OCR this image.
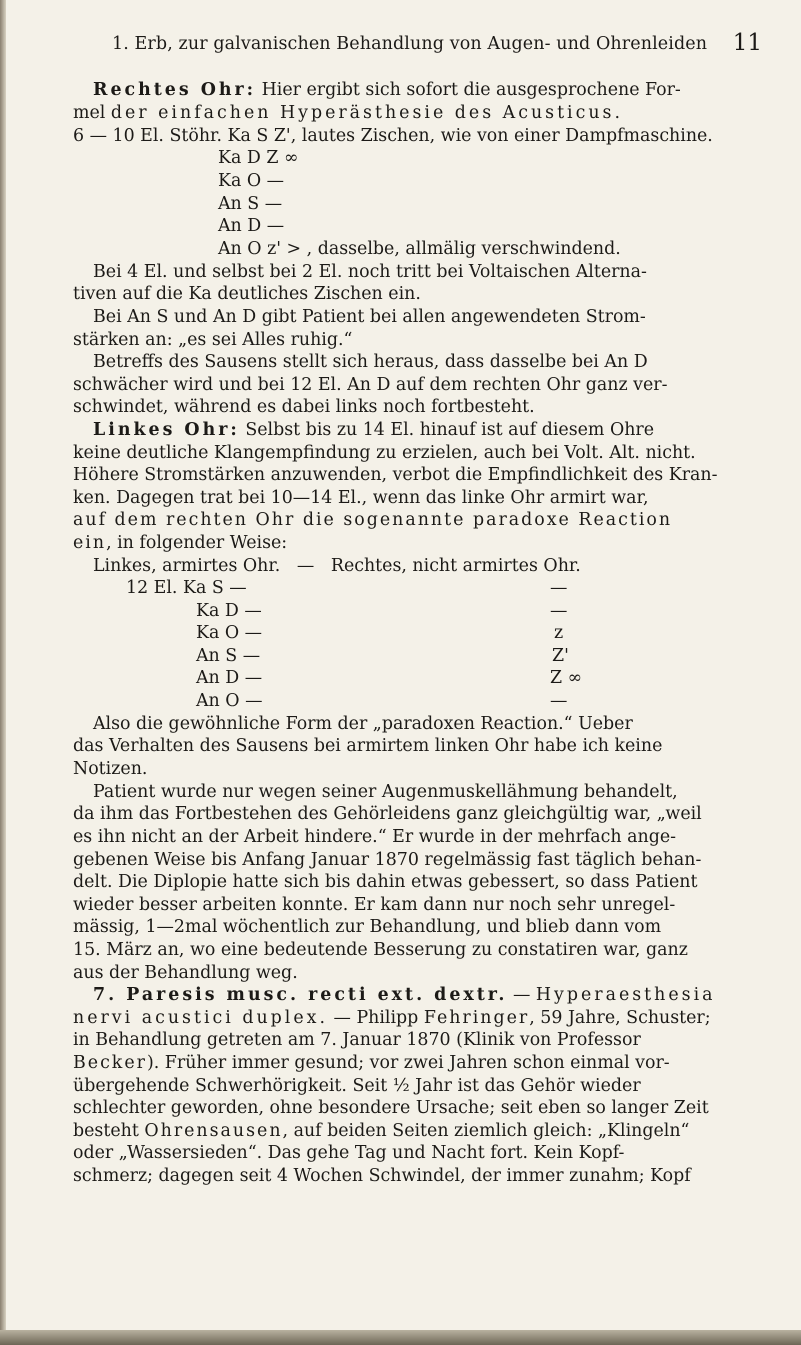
1. Erb, zur galvanischen Behandlung von Augen- und Ohrenleiden 11
Rechtes Ohr: Hier ergibt sich sofort die ausgesprochene For-
mel der einfachen Hyperästhesie des Acusticus.
6 — 10 El. Stöhr. Ka S Z', lautes Zischen, wie von einer Dampfmaschine.
Ka D Z ∞
Ka O —
An S —
An D —
An O z' > , dasselbe, allmälig verschwindend.
Bei 4 El. und selbst bei 2 El. noch tritt bei Voltaischen Alterna-
tiven auf die Ka deutliches Zischen ein.
Bei An S und An D gibt Patient bei allen angewendeten Strom-
stärken an: „es sei Alles ruhig.“
Betreffs des Sausens stellt sich heraus, dass dasselbe bei An D
schwächer wird und bei 12 El. An D auf dem rechten Ohr ganz ver-
schwindet, während es dabei links noch fortbesteht.
Linkes Ohr: Selbst bis zu 14 El. hinauf ist auf diesem Ohre
keine deutliche Klangempfindung zu erzielen, auch bei Volt. Alt. nicht.
Höhere Stromstärken anzuwenden, verbot die Empfindlichkeit des Kran-
ken. Dagegen trat bei 10—14 El., wenn das linke Ohr armirt war,
auf dem rechten Ohr die sogenannte paradoxe Reaction
ein, in folgender Weise:
Linkes, armirtes Ohr.   —   Rechtes, nicht armirtes Ohr.
12 El. Ka S —
Ka D —
Ka O —
An S —
An D —
An O —
—
—
z
Z'
Z ∞
—
Also die gewöhnliche Form der „paradoxen Reaction.“ Ueber
das Verhalten des Sausens bei armirtem linken Ohr habe ich keine
Notizen.
Patient wurde nur wegen seiner Augenmuskellähmung behandelt,
da ihm das Fortbestehen des Gehörleidens ganz gleichgültig war, „weil
es ihn nicht an der Arbeit hindere.“ Er wurde in der mehrfach ange-
gebenen Weise bis Anfang Januar 1870 regelmässig fast täglich behan-
delt. Die Diplopie hatte sich bis dahin etwas gebessert, so dass Patient
wieder besser arbeiten konnte. Er kam dann nur noch sehr unregel-
mässig, 1—2mal wöchentlich zur Behandlung, und blieb dann vom
15. März an, wo eine bedeutende Besserung zu constatiren war, ganz
aus der Behandlung weg.
7. Paresis musc. recti ext. dextr. — Hyperaesthesia
nervi acustici duplex. — Philipp Fehringer, 59 Jahre, Schuster;
in Behandlung getreten am 7. Januar 1870 (Klinik von Professor
Becker). Früher immer gesund; vor zwei Jahren schon einmal vor-
übergehende Schwerhörigkeit. Seit ½ Jahr ist das Gehör wieder
schlechter geworden, ohne besondere Ursache; seit eben so langer Zeit
besteht Ohrensausen, auf beiden Seiten ziemlich gleich: „Klingeln“
oder „Wassersieden“. Das gehe Tag und Nacht fort. Kein Kopf-
schmerz; dagegen seit 4 Wochen Schwindel, der immer zunahm; Kopf
